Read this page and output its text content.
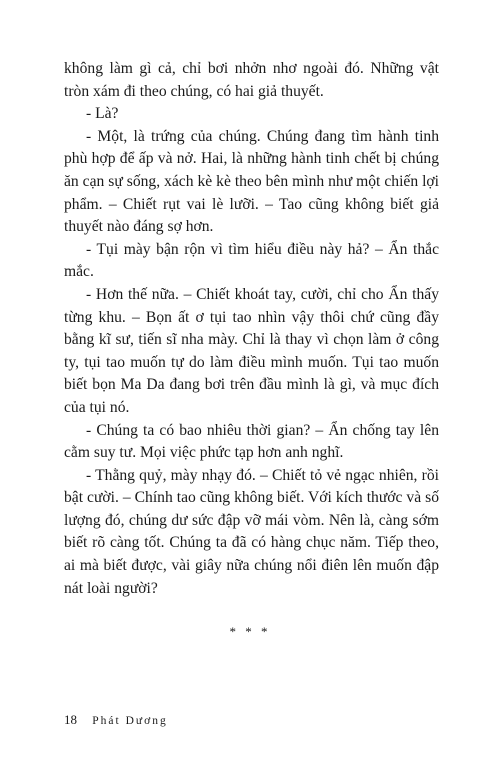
không làm gì cả, chỉ bơi nhởn nhơ ngoài đó. Những vật tròn xám đi theo chúng, có hai giả thuyết.

- Là?

- Một, là trứng của chúng. Chúng đang tìm hành tinh phù hợp để ấp và nở. Hai, là những hành tinh chết bị chúng ăn cạn sự sống, xách kè kè theo bên mình như một chiến lợi phẩm. – Chiết rụt vai lè lưỡi. – Tao cũng không biết giả thuyết nào đáng sợ hơn.

- Tụi mày bận rộn vì tìm hiểu điều này hả? – Ẩn thắc mắc.

- Hơn thế nữa. – Chiết khoát tay, cười, chỉ cho Ẩn thấy từng khu. – Bọn ất ơ tụi tao nhìn vậy thôi chứ cũng đầy bằng kĩ sư, tiến sĩ nha mày. Chỉ là thay vì chọn làm ở công ty, tụi tao muốn tự do làm điều mình muốn. Tụi tao muốn biết bọn Ma Da đang bơi trên đầu mình là gì, và mục đích của tụi nó.

- Chúng ta có bao nhiêu thời gian? – Ẩn chống tay lên cằm suy tư. Mọi việc phức tạp hơn anh nghĩ.

- Thằng quỷ, mày nhạy đó. – Chiết tỏ vẻ ngạc nhiên, rồi bật cười. – Chính tao cũng không biết. Với kích thước và số lượng đó, chúng dư sức đập vỡ mái vòm. Nên là, càng sớm biết rõ càng tốt. Chúng ta đã có hàng chục năm. Tiếp theo, ai mà biết được, vài giây nữa chúng nổi điên lên muốn đập nát loài người?

* * *
18 Phát Dương
